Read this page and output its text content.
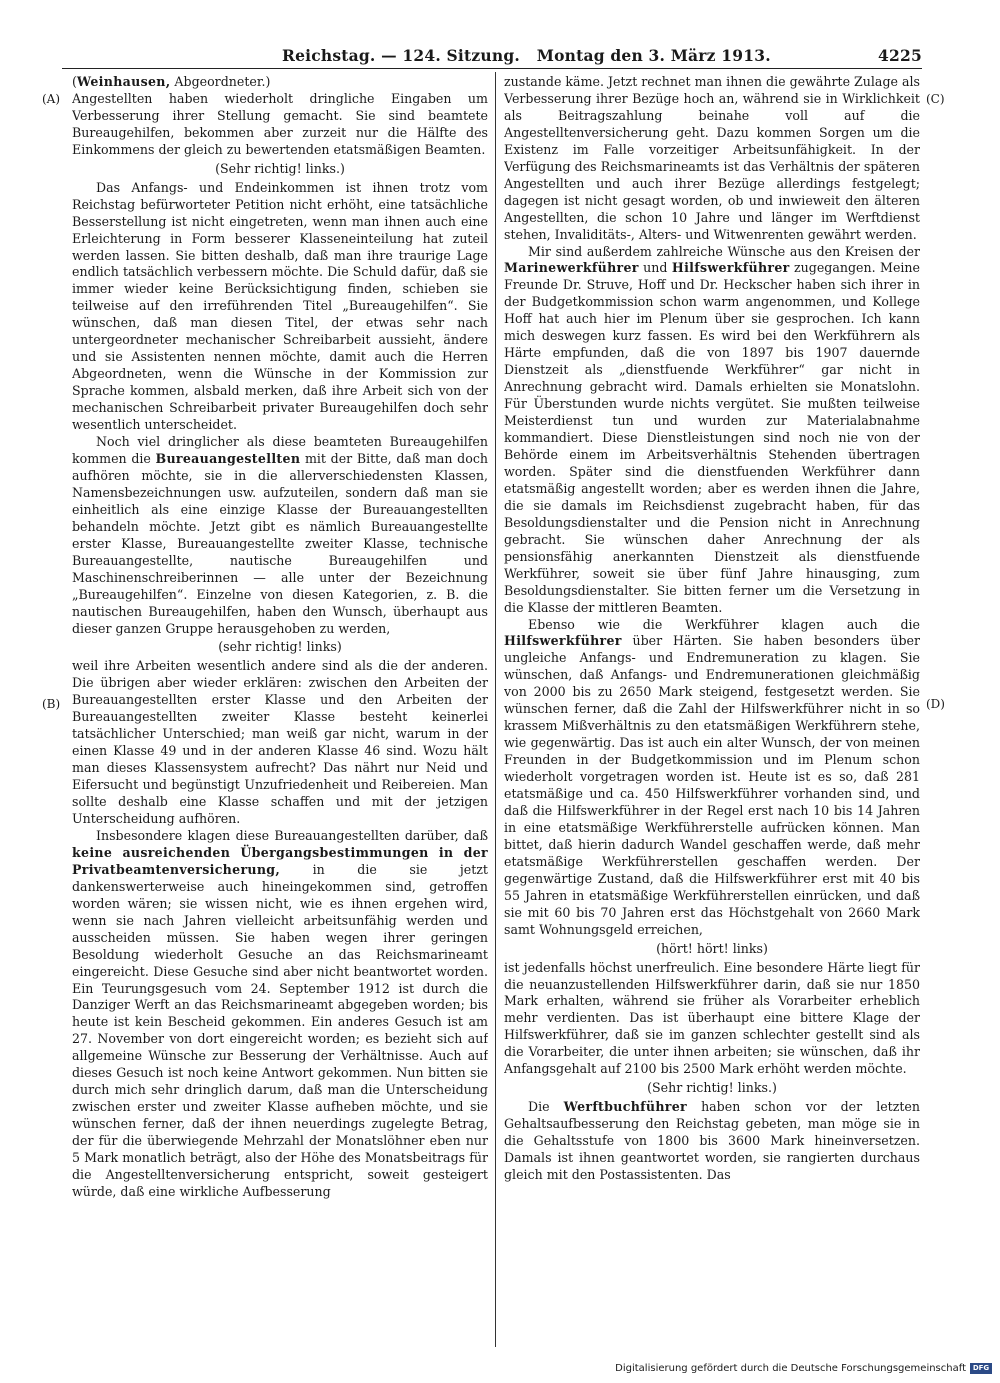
Reichstag. — 124. Sitzung.   Montag den 3. März 1913.	4225
(A)
(B)
(C)
(D)

(Weinhausen, Abgeordneter.)

Angestellten haben wiederholt dringliche Eingaben um Verbesserung ihrer Stellung gemacht. Sie sind beamtete Bureaugehilfen, bekommen aber zurzeit nur die Hälfte des Einkommens der gleich zu bewertenden etatsmäßigen Beamten.

(Sehr richtig! links.)

Das Anfangs- und Endeinkommen ist ihnen trotz vom Reichstag befürworteter Petition nicht erhöht, eine tatsächliche Besserstellung ist nicht eingetreten, wenn man ihnen auch eine Erleichterung in Form besserer Klasseneinteilung hat zuteil werden lassen. Sie bitten deshalb, daß man ihre traurige Lage endlich tatsächlich verbessern möchte. Die Schuld dafür, daß sie immer wieder keine Berücksichtigung finden, schieben sie teilweise auf den irreführenden Titel „Bureaugehilfen“. Sie wünschen, daß man diesen Titel, der etwas sehr nach untergeordneter mechanischer Schreibarbeit aussieht, ändere und sie Assistenten nennen möchte, damit auch die Herren Abgeordneten, wenn die Wünsche in der Kommission zur Sprache kommen, alsbald merken, daß ihre Arbeit sich von der mechanischen Schreibarbeit privater Bureaugehilfen doch sehr wesentlich unterscheidet.

Noch viel dringlicher als diese beamteten Bureaugehilfen kommen die Bureauangestellten mit der Bitte, daß man doch aufhören möchte, sie in die allerverschiedensten Klassen, Namensbezeichnungen usw. aufzuteilen, sondern daß man sie einheitlich als eine einzige Klasse der Bureauangestellten behandeln möchte. Jetzt gibt es nämlich Bureauangestellte erster Klasse, Bureauangestellte zweiter Klasse, technische Bureauangestellte, nautische Bureaugehilfen und Maschinenschreiberinnen — alle unter der Bezeichnung „Bureaugehilfen“. Einzelne von diesen Kategorien, z. B. die nautischen Bureaugehilfen, haben den Wunsch, überhaupt aus dieser ganzen Gruppe herausgehoben zu werden,

(sehr richtig! links)

weil ihre Arbeiten wesentlich andere sind als die der anderen. Die übrigen aber wieder erklären: zwischen den Arbeiten der Bureauangestellten erster Klasse und den Arbeiten der Bureauangestellten zweiter Klasse besteht keinerlei tatsächlicher Unterschied; man weiß gar nicht, warum in der einen Klasse 49 und in der anderen Klasse 46 sind. Wozu hält man dieses Klassensystem aufrecht? Das nährt nur Neid und Eifersucht und begünstigt Unzufriedenheit und Reibereien. Man sollte deshalb eine Klasse schaffen und mit der jetzigen Unterscheidung aufhören.

Insbesondere klagen diese Bureauangestellten darüber, daß keine ausreichenden Übergangsbestimmungen in der Privatbeamtenversicherung, in die sie jetzt dankenswerterweise auch hineingekommen sind, getroffen worden wären; sie wissen nicht, wie es ihnen ergehen wird, wenn sie nach Jahren vielleicht arbeitsunfähig werden und ausscheiden müssen. Sie haben wegen ihrer geringen Besoldung wiederholt Gesuche an das Reichsmarineamt eingereicht. Diese Gesuche sind aber nicht beantwortet worden. Ein Teurungsgesuch vom 24. September 1912 ist durch die Danziger Werft an das Reichsmarineamt abgegeben worden; bis heute ist kein Bescheid gekommen. Ein anderes Gesuch ist am 27. November von dort eingereicht worden; es bezieht sich auf allgemeine Wünsche zur Besserung der Verhältnisse. Auch auf dieses Gesuch ist noch keine Antwort gekommen. Nun bitten sie durch mich sehr dringlich darum, daß man die Unterscheidung zwischen erster und zweiter Klasse aufheben möchte, und sie wünschen ferner, daß der ihnen neuerdings zugelegte Betrag, der für die überwiegende Mehrzahl der Monatslöhner eben nur 5 Mark monatlich beträgt, also der Höhe des Monatsbeitrags für die Angestelltenversicherung entspricht, soweit gesteigert würde, daß eine wirkliche Aufbesserung

zustande käme. Jetzt rechnet man ihnen die gewährte Zulage als Verbesserung ihrer Bezüge hoch an, während sie in Wirklichkeit als Beitragszahlung beinahe voll auf die Angestelltenversicherung geht. Dazu kommen Sorgen um die Existenz im Falle vorzeitiger Arbeitsunfähigkeit. In der Verfügung des Reichsmarineamts ist das Verhältnis der späteren Angestellten und auch ihrer Bezüge allerdings festgelegt; dagegen ist nicht gesagt worden, ob und inwieweit den älteren Angestellten, die schon 10 Jahre und länger im Werftdienst stehen, Invaliditäts-, Alters- und Witwenrenten gewährt werden.

Mir sind außerdem zahlreiche Wünsche aus den Kreisen der Marinewerkführer und Hilfswerkführer zugegangen. Meine Freunde Dr. Struve, Hoff und Dr. Heckscher haben sich ihrer in der Budgetkommission schon warm angenommen, und Kollege Hoff hat auch hier im Plenum über sie gesprochen. Ich kann mich deswegen kurz fassen. Es wird bei den Werkführern als Härte empfunden, daß die von 1897 bis 1907 dauernde Dienstzeit als „dienstfuende Werkführer“ gar nicht in Anrechnung gebracht wird. Damals erhielten sie Monatslohn. Für Überstunden wurde nichts vergütet. Sie mußten teilweise Meisterdienst tun und wurden zur Materialabnahme kommandiert. Diese Dienstleistungen sind noch nie von der Behörde einem im Arbeitsverhältnis Stehenden übertragen worden. Später sind die dienstfuenden Werkführer dann etatsmäßig angestellt worden; aber es werden ihnen die Jahre, die sie damals im Reichsdienst zugebracht haben, für das Besoldungsdienstalter und die Pension nicht in Anrechnung gebracht. Sie wünschen daher Anrechnung der als pensionsfähig anerkannten Dienstzeit als dienstfuende Werkführer, soweit sie über fünf Jahre hinausging, zum Besoldungsdienstalter. Sie bitten ferner um die Versetzung in die Klasse der mittleren Beamten.

Ebenso wie die Werkführer klagen auch die Hilfswerkführer über Härten. Sie haben besonders über ungleiche Anfangs- und Endremuneration zu klagen. Sie wünschen, daß Anfangs- und Endremunerationen gleichmäßig von 2000 bis zu 2650 Mark steigend, festgesetzt werden. Sie wünschen ferner, daß die Zahl der Hilfswerkführer nicht in so krassem Mißverhältnis zu den etatsmäßigen Werkführern stehe, wie gegenwärtig. Das ist auch ein alter Wunsch, der von meinen Freunden in der Budgetkommission und im Plenum schon wiederholt vorgetragen worden ist. Heute ist es so, daß 281 etatsmäßige und ca. 450 Hilfswerkführer vorhanden sind, und daß die Hilfswerkführer in der Regel erst nach 10 bis 14 Jahren in eine etatsmäßige Werkführerstelle aufrücken können. Man bittet, daß hierin dadurch Wandel geschaffen werde, daß mehr etatsmäßige Werkführerstellen geschaffen werden. Der gegenwärtige Zustand, daß die Hilfswerkführer erst mit 40 bis 55 Jahren in etatsmäßige Werkführerstellen einrücken, und daß sie mit 60 bis 70 Jahren erst das Höchstgehalt von 2660 Mark samt Wohnungsgeld erreichen,

(hört! hört! links)

ist jedenfalls höchst unerfreulich. Eine besondere Härte liegt für die neuanzustellenden Hilfswerkführer darin, daß sie nur 1850 Mark erhalten, während sie früher als Vorarbeiter erheblich mehr verdienten. Das ist überhaupt eine bittere Klage der Hilfswerkführer, daß sie im ganzen schlechter gestellt sind als die Vorarbeiter, die unter ihnen arbeiten; sie wünschen, daß ihr Anfangsgehalt auf 2100 bis 2500 Mark erhöht werden möchte.

(Sehr richtig! links.)

Die Werftbuchführer haben schon vor der letzten Gehaltsaufbesserung den Reichstag gebeten, man möge sie in die Gehaltsstufe von 1800 bis 3600 Mark hineinversetzen. Damals ist ihnen geantwortet worden, sie rangierten durchaus gleich mit den Postassistenten. Das

Digitalisierung gefördert durch die Deutsche Forschungsgemeinschaft DFG
